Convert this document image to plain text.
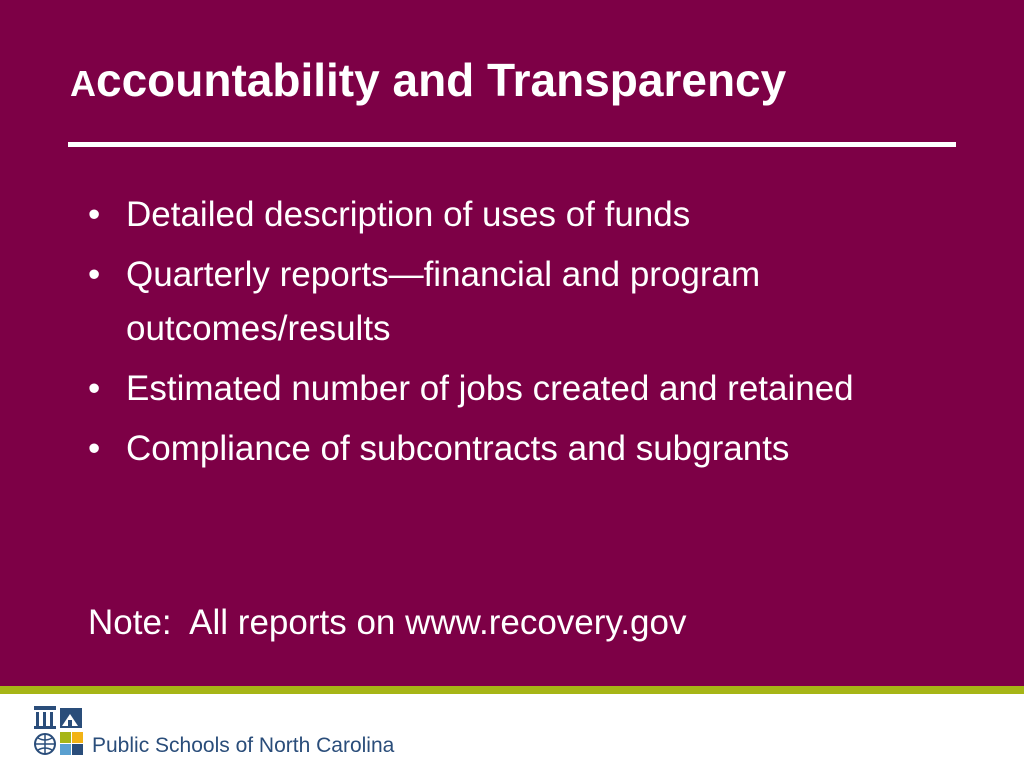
Accountability and Transparency
• Detailed description of uses of funds
• Quarterly reports—financial and program outcomes/results
• Estimated number of jobs created and retained
• Compliance of subcontracts and subgrants
Note:  All reports on www.recovery.gov
Public Schools of North Carolina
